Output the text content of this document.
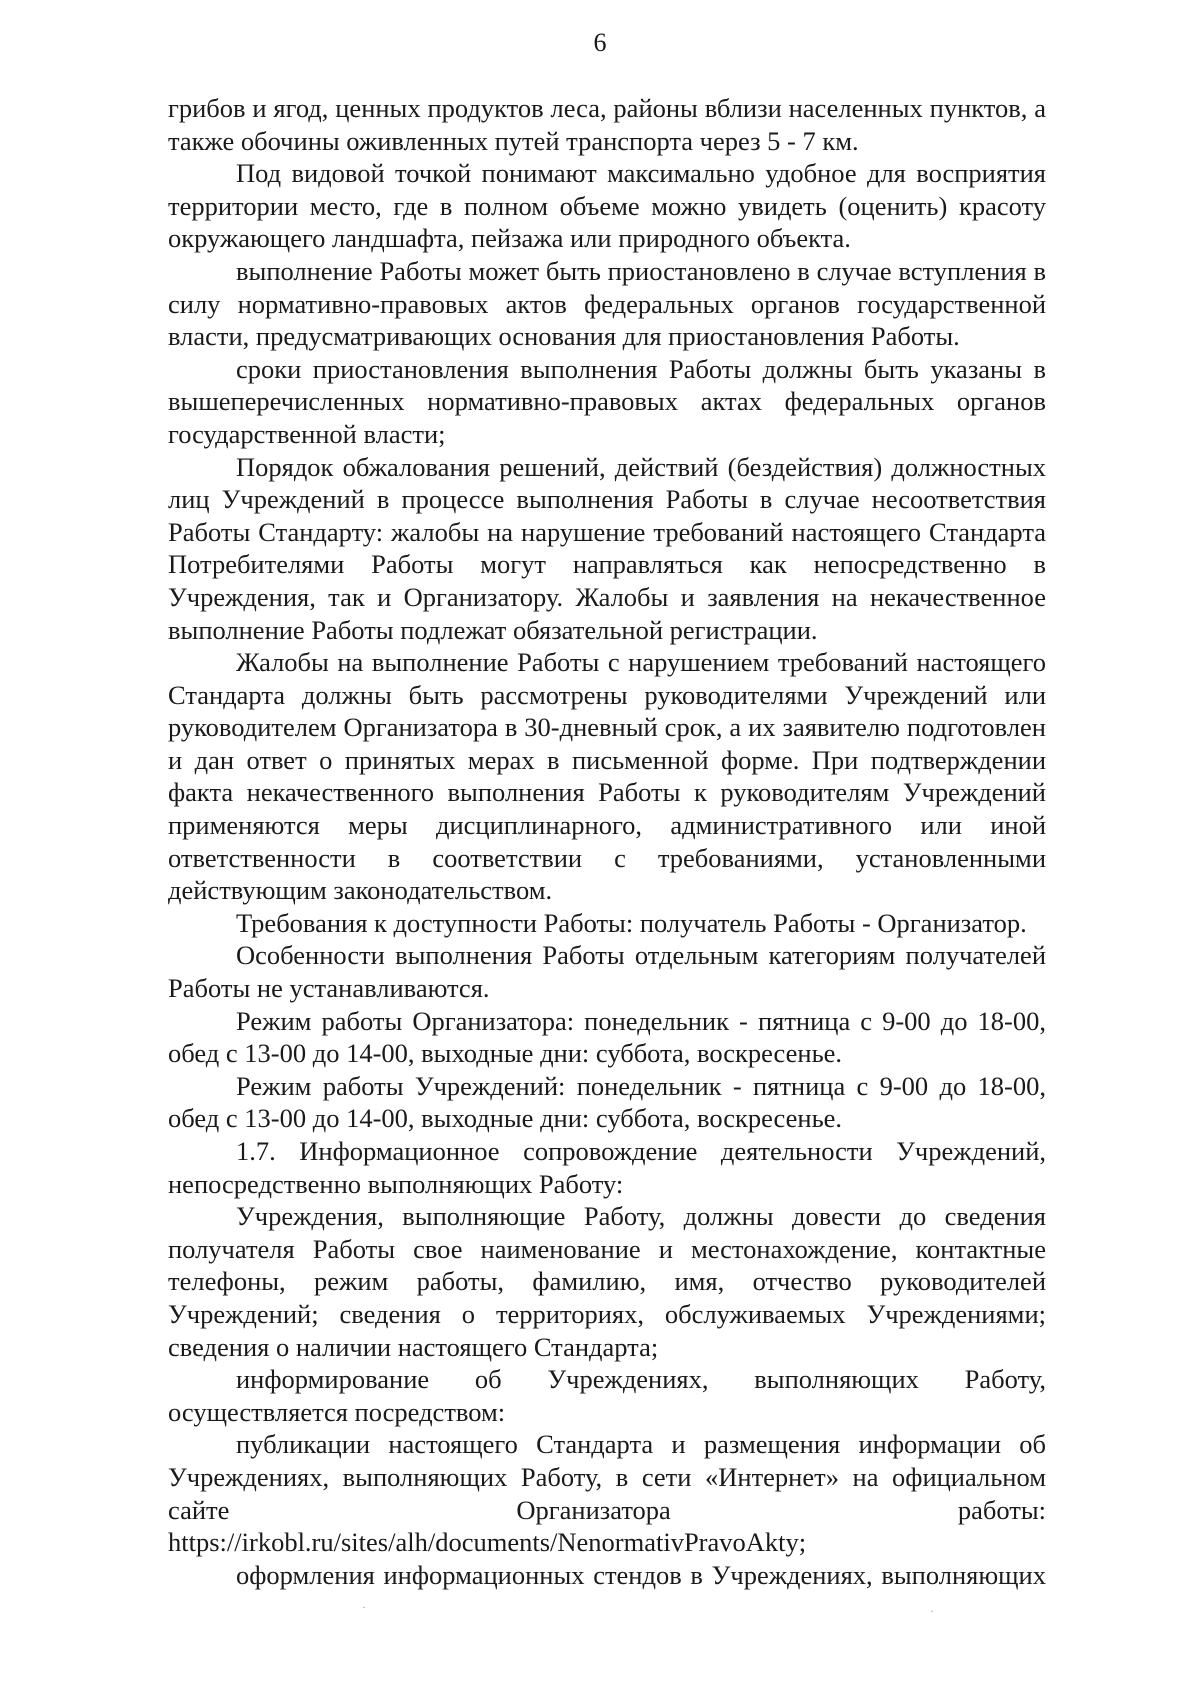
6

грибов и ягод, ценных продуктов леса, районы вблизи населенных пунктов, а также обочины оживленных путей транспорта через 5 - 7 км.

Под видовой точкой понимают максимально удобное для восприятия территории место, где в полном объеме можно увидеть (оценить) красоту окружающего ландшафта, пейзажа или природного объекта.

выполнение Работы может быть приостановлено в случае вступления в силу нормативно-правовых актов федеральных органов государственной власти, предусматривающих основания для приостановления Работы.

сроки приостановления выполнения Работы должны быть указаны в вышеперечисленных нормативно-правовых актах федеральных органов государственной власти;

Порядок обжалования решений, действий (бездействия) должностных лиц Учреждений в процессе выполнения Работы в случае несоответствия Работы Стандарту: жалобы на нарушение требований настоящего Стандарта Потребителями Работы могут направляться как непосредственно в Учреждения, так и Организатору. Жалобы и заявления на некачественное выполнение Работы подлежат обязательной регистрации.

Жалобы на выполнение Работы с нарушением требований настоящего Стандарта должны быть рассмотрены руководителями Учреждений или руководителем Организатора в 30-дневный срок, а их заявителю подготовлен и дан ответ о принятых мерах в письменной форме. При подтверждении факта некачественного выполнения Работы к руководителям Учреждений применяются меры дисциплинарного, административного или иной ответственности в соответствии с требованиями, установленными действующим законодательством.

Требования к доступности Работы: получатель Работы - Организатор.

Особенности выполнения Работы отдельным категориям получателей Работы не устанавливаются.

Режим работы Организатора: понедельник - пятница с 9-00 до 18-00, обед с 13-00 до 14-00, выходные дни: суббота, воскресенье.

Режим работы Учреждений: понедельник - пятница с 9-00 до 18-00, обед с 13-00 до 14-00, выходные дни: суббота, воскресенье.

1.7. Информационное сопровождение деятельности Учреждений, непосредственно выполняющих Работу:

Учреждения, выполняющие Работу, должны довести до сведения получателя Работы свое наименование и местонахождение, контактные телефоны, режим работы, фамилию, имя, отчество руководителей Учреждений; сведения о территориях, обслуживаемых Учреждениями; сведения о наличии настоящего Стандарта;

информирование об Учреждениях, выполняющих Работу, осуществляется посредством:

публикации настоящего Стандарта и размещения информации об Учреждениях, выполняющих Работу, в сети «Интернет» на официальном сайте Организатора работы: https://irkobl.ru/sites/alh/documents/NenormativPravoAkty;

оформления информационных стендов в Учреждениях, выполняющих

·	·
